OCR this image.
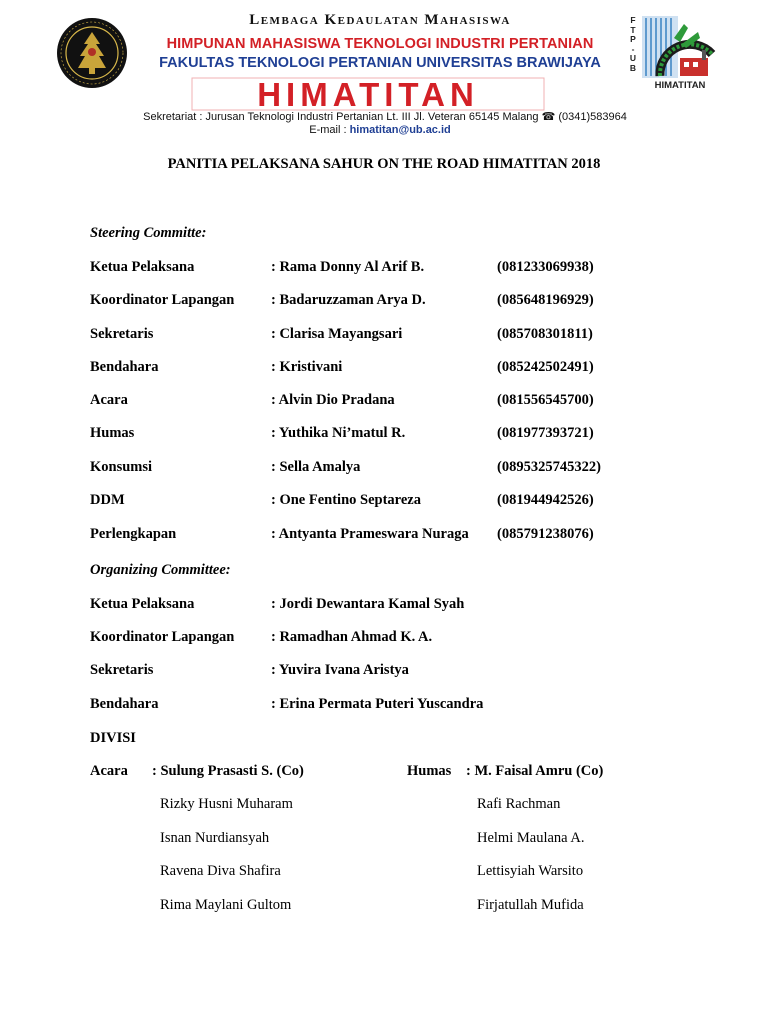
Lembaga Kedaulatan Mahasiswa
HIMPUNAN MAHASISWA TEKNOLOGI INDUSTRI PERTANIAN
FAKULTAS TEKNOLOGI PERTANIAN UNIVERSITAS BRAWIJAYA
HIMATITAN
Sekretariat : Jurusan Teknologi Industri Pertanian Lt. III Jl. Veteran 65145 Malang ☎ (0341)583964
E-mail : himatitan@ub.ac.id
F
T
P
-
U
B
HIMATITAN
PANITIA PELAKSANA SAHUR ON THE ROAD HIMATITAN 2018
Steering Committe:
Ketua Pelaksana	: Rama Donny Al Arif B.	(081233069938)
Koordinator Lapangan	: Badaruzzaman Arya D.	(085648196929)
Sekretaris	: Clarisa Mayangsari	(085708301811)
Bendahara	: Kristivani	(085242502491)
Acara	: Alvin Dio Pradana	(081556545700)
Humas	: Yuthika Ni’matul R.	(081977393721)
Konsumsi	: Sella Amalya	(0895325745322)
DDM	: One Fentino Septareza	(081944942526)
Perlengkapan	: Antyanta Prameswara Nuraga (085791238076)
Organizing Committee:
Ketua Pelaksana	: Jordi Dewantara Kamal Syah
Koordinator Lapangan	: Ramadhan Ahmad K. A.
Sekretaris	: Yuvira Ivana Aristya
Bendahara	: Erina Permata Puteri Yuscandra
DIVISI
Acara : Sulung Prasasti S. (Co)
Rizky Husni Muharam
Isnan Nurdiansyah
Ravena Diva Shafira
Rima Maylani Gultom
Humas : M. Faisal Amru (Co)
Rafi Rachman
Helmi Maulana A.
Lettisyiah Warsito
Firjatullah Mufida
